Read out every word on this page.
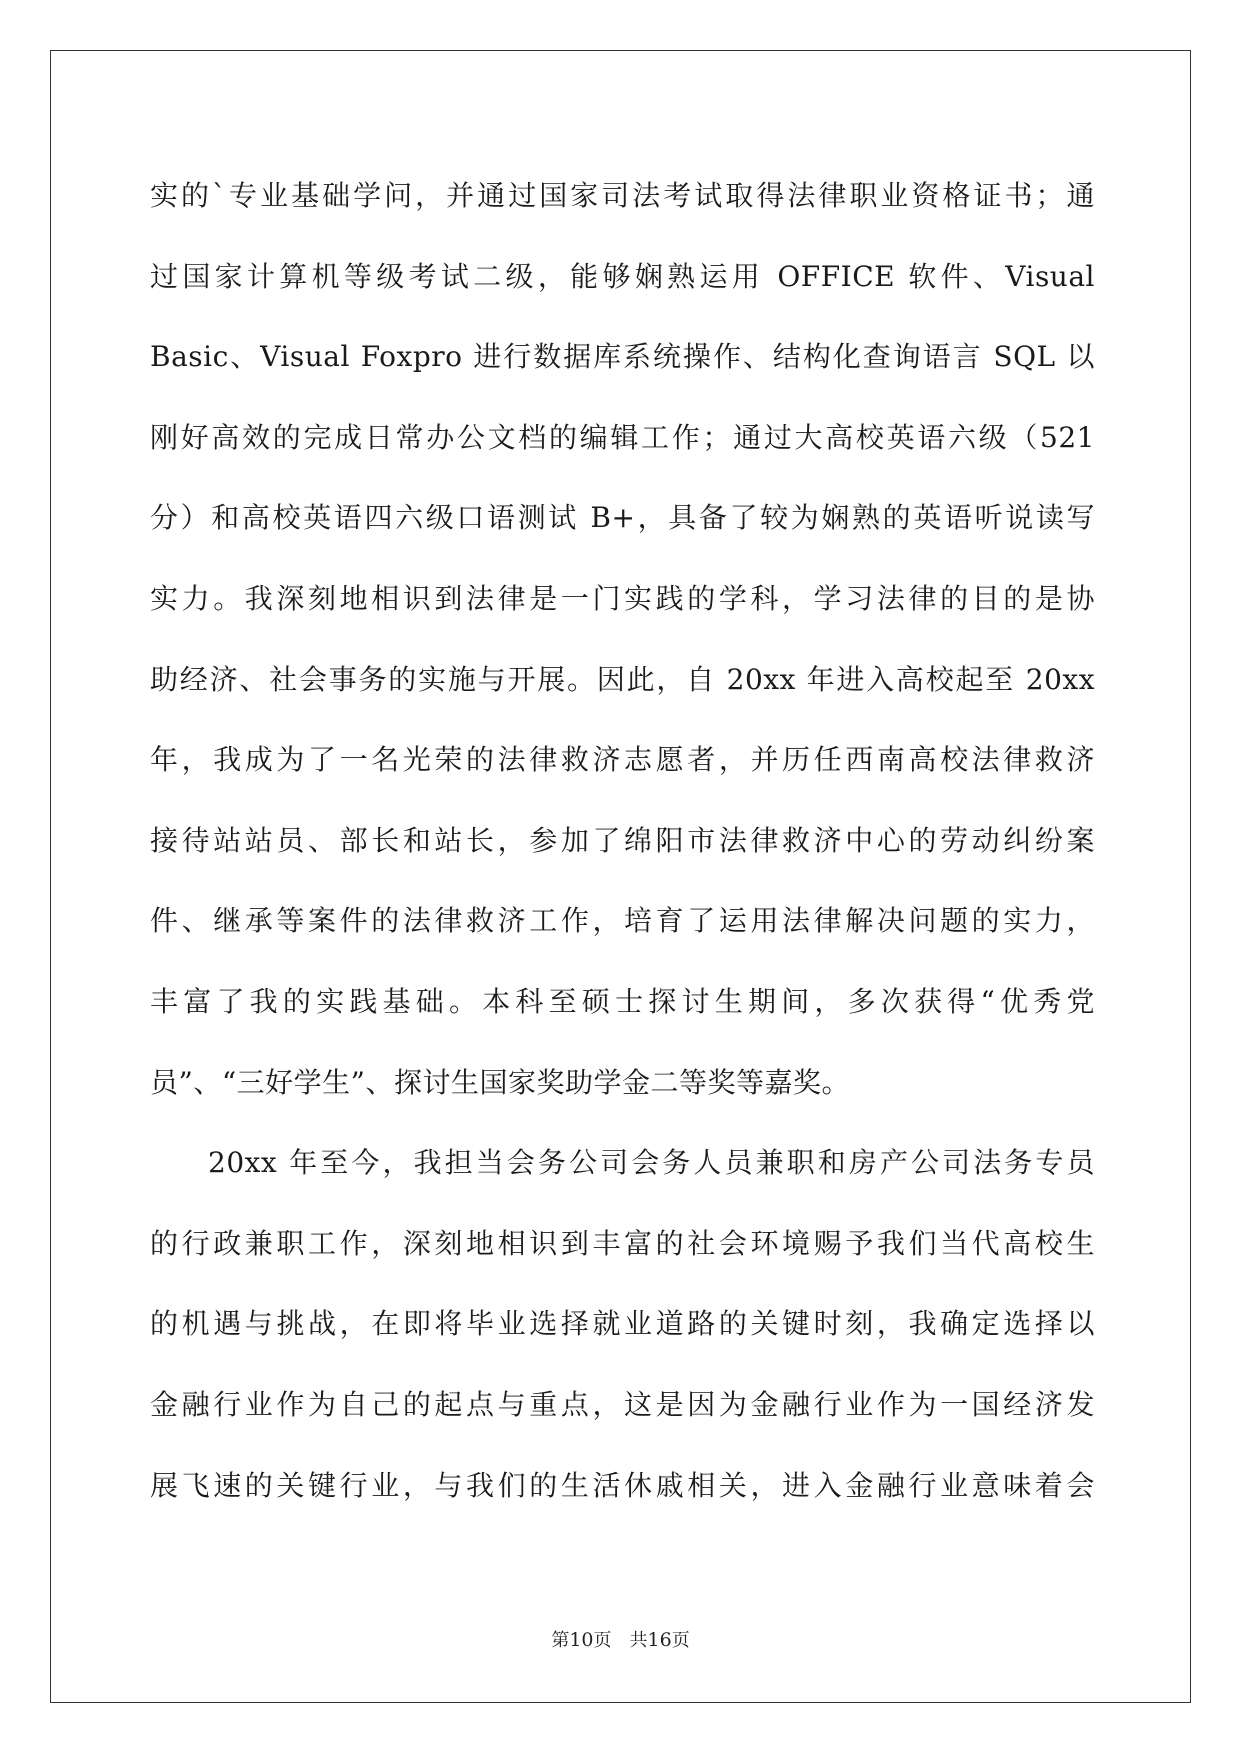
实的`专业基础学问，并通过国家司法考试取得法律职业资格证书；通
过国家计算机等级考试二级，能够娴熟运用 OFFICE 软件、Visual
Basic、Visual Foxpro 进行数据库系统操作、结构化查询语言 SQL 以
刚好高效的完成日常办公文档的编辑工作；通过大高校英语六级（521
分）和高校英语四六级口语测试 B+，具备了较为娴熟的英语听说读写
实力。我深刻地相识到法律是一门实践的学科，学习法律的目的是协
助经济、社会事务的实施与开展。因此，自 20xx 年进入高校起至 20xx
年，我成为了一名光荣的法律救济志愿者，并历任西南高校法律救济
接待站站员、部长和站长，参加了绵阳市法律救济中心的劳动纠纷案
件、继承等案件的法律救济工作，培育了运用法律解决问题的实力，
丰富了我的实践基础。本科至硕士探讨生期间，多次获得“优秀党
员”、“三好学生”、探讨生国家奖助学金二等奖等嘉奖。
20xx 年至今，我担当会务公司会务人员兼职和房产公司法务专员
的行政兼职工作，深刻地相识到丰富的社会环境赐予我们当代高校生
的机遇与挑战，在即将毕业选择就业道路的关键时刻，我确定选择以
金融行业作为自己的起点与重点，这是因为金融行业作为一国经济发
展飞速的关键行业，与我们的生活休戚相关，进入金融行业意味着会
第10页　共16页
